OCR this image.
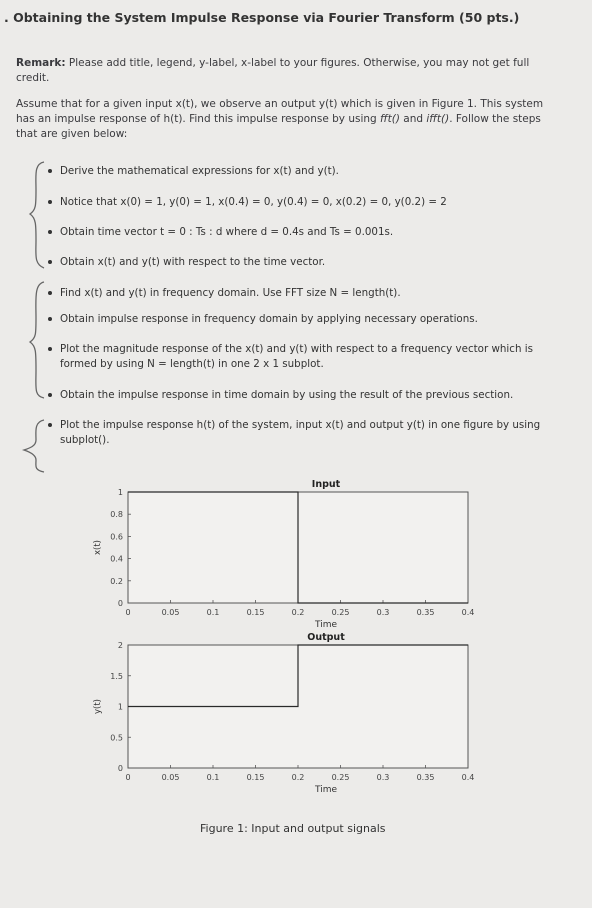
. Obtaining the System Impulse Response via Fourier Transform (50 pts.)
Remark: Please add title, legend, y-label, x-label to your figures. Otherwise, you may not get full credit.
Assume that for a given input x(t), we observe an output y(t) which is given in Figure 1. This system has an impulse response of h(t). Find this impulse response by using fft() and ifft(). Follow the steps that are given below:
Derive the mathematical expressions for x(t) and y(t).
Notice that x(0) = 1, y(0) = 1, x(0.4) = 0, y(0.4) = 0, x(0.2) = 0, y(0.2) = 2
Obtain time vector t = 0 : Ts : d where d = 0.4s and Ts = 0.001s.
Obtain x(t) and y(t) with respect to the time vector.
Find x(t) and y(t) in frequency domain. Use FFT size N = length(t).
Obtain impulse response in frequency domain by applying necessary operations.
Plot the magnitude response of the x(t) and y(t) with respect to a frequency vector which is formed by using N = length(t) in one 2 x 1 subplot.
Obtain the impulse response in time domain by using the result of the previous section.
Plot the impulse response h(t) of the system, input x(t) and output y(t) in one figure by using subplot().
0	0.05	0.1	0.15	0.2	0.25	0.3	0.35	0.4
0
0.2
0.4
0.6
0.8
1
Input
Time
x(t)
0	0.05	0.1	0.15	0.2	0.25	0.3	0.35	0.4
0
0.5
1
1.5
2
Output
Time
y(t)
Figure 1: Input and output signals
